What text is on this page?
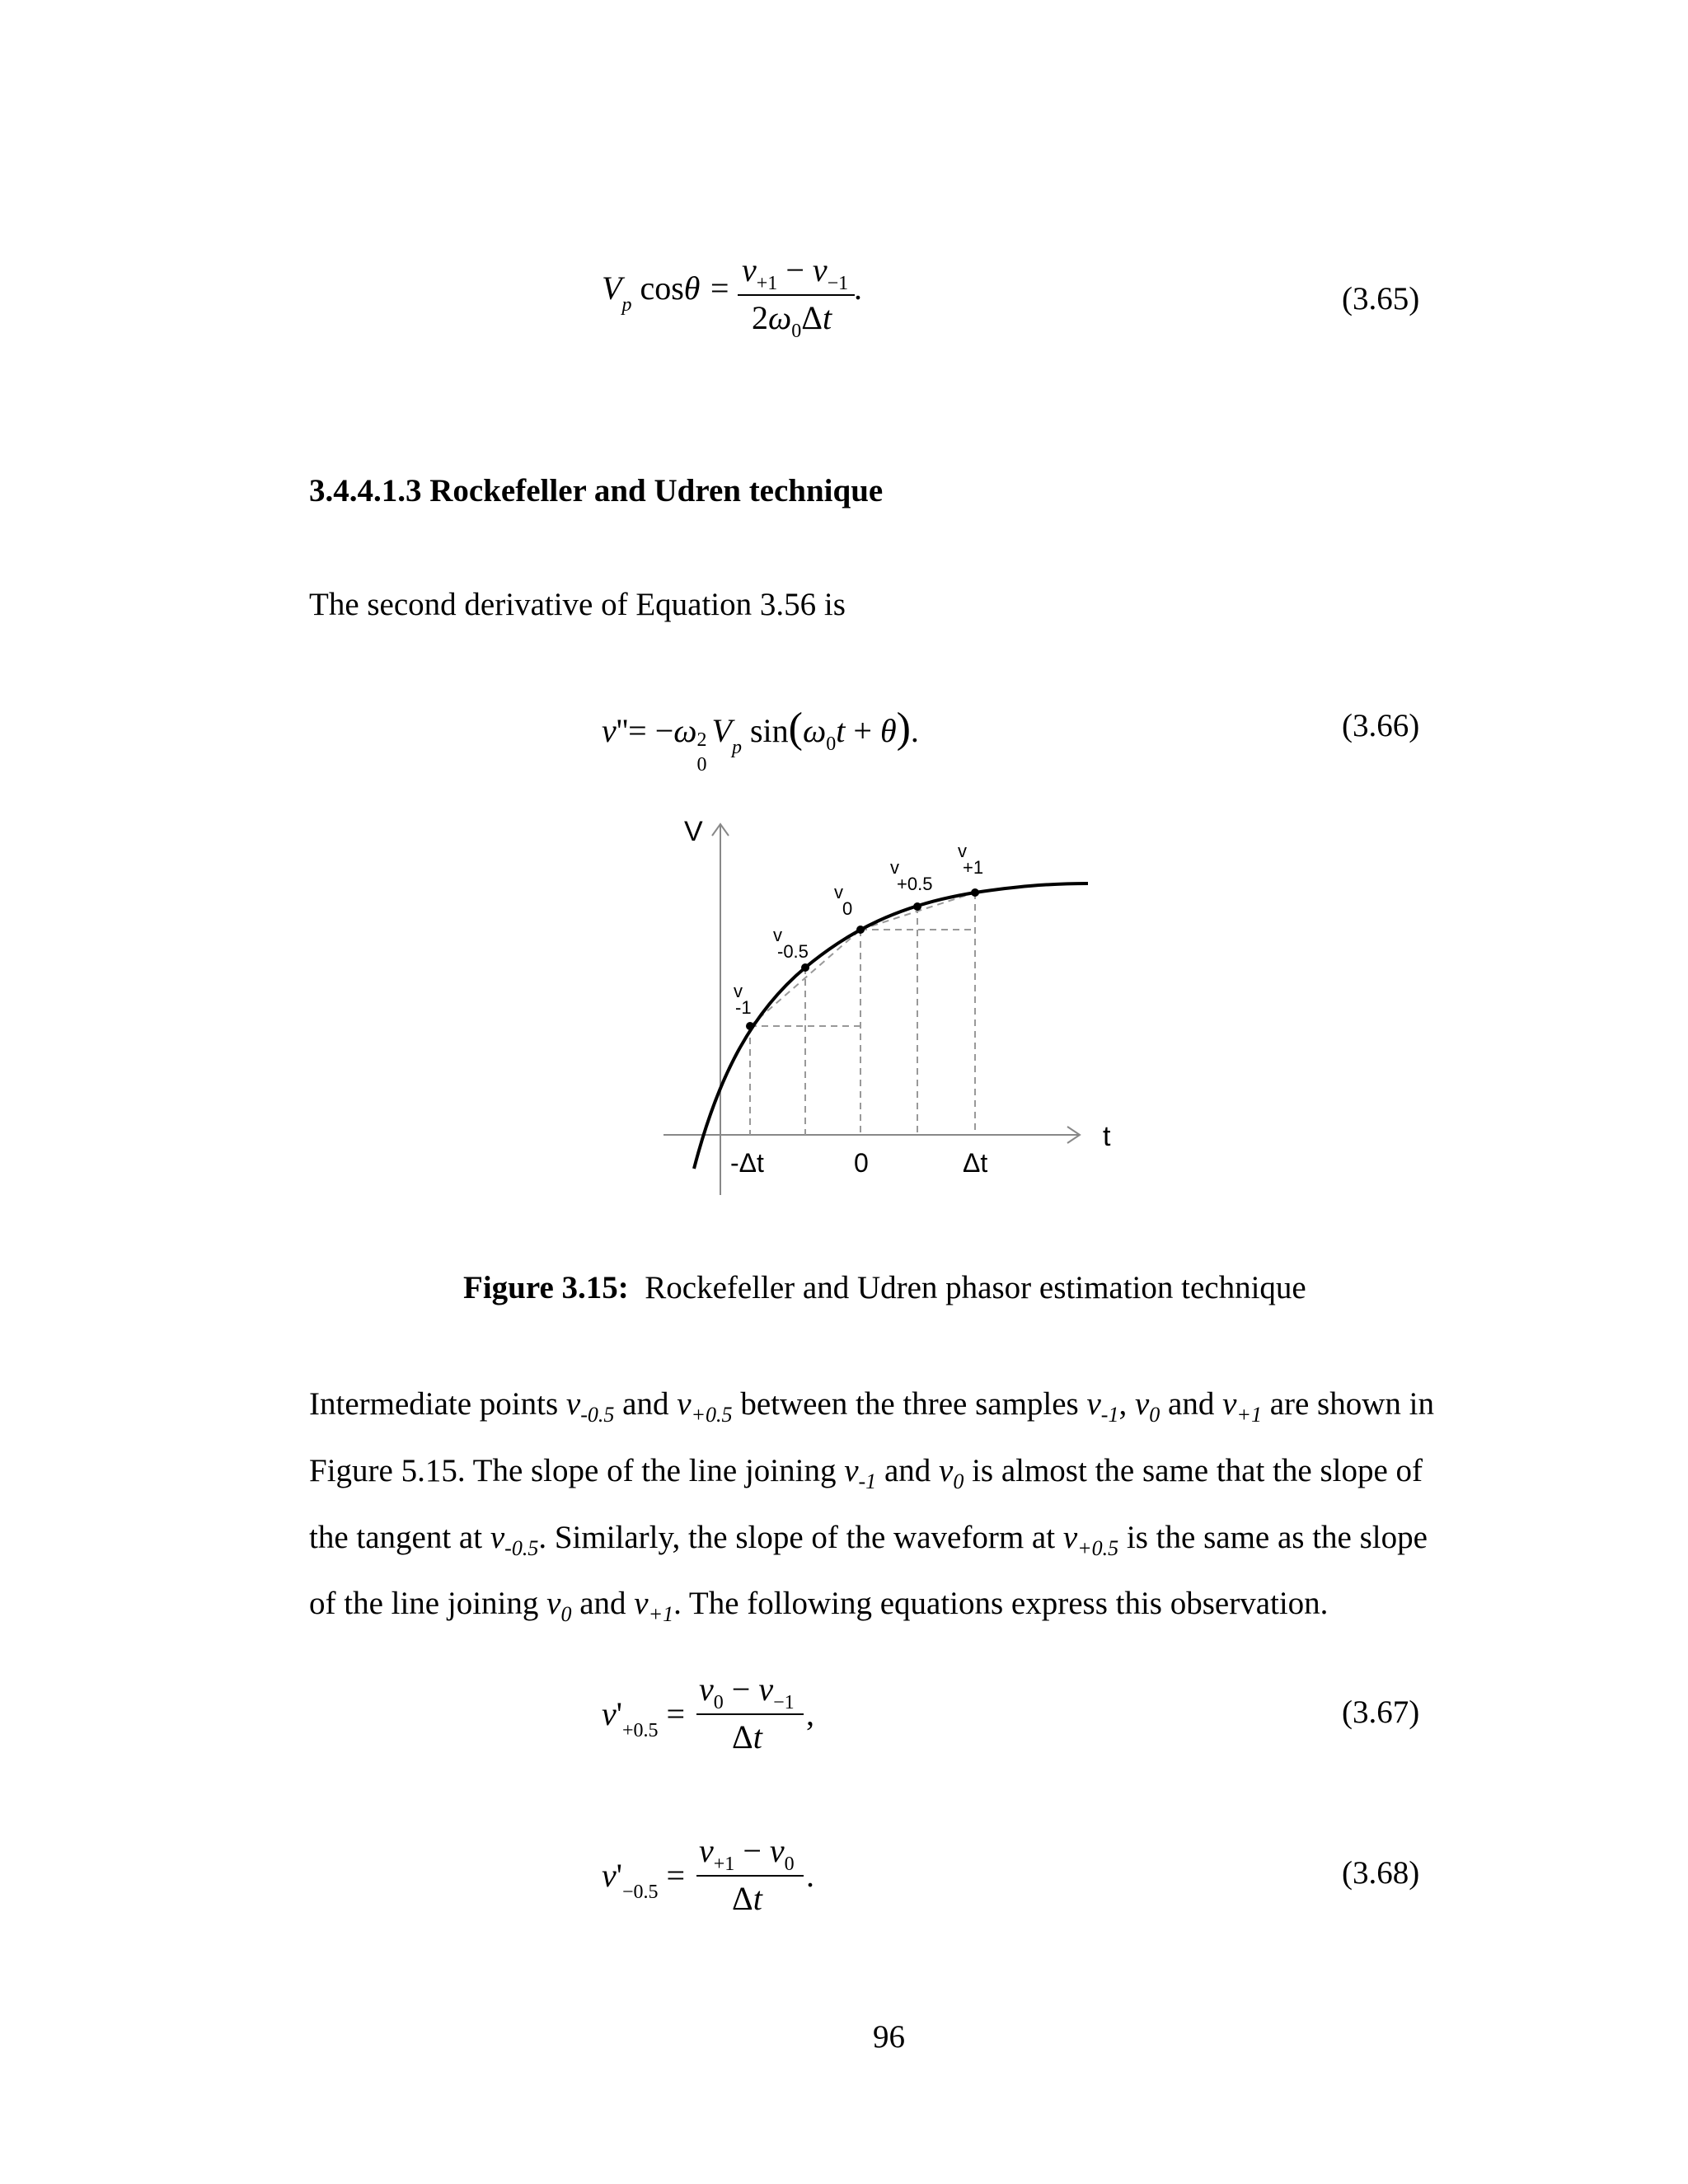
$V_p$ $\cos\theta = v_{+1} - v_{-1}$
$2\omega_0\Delta t$
.	(3.65)
3.4.4.1.3 Rockefeller and Udren technique
The second derivative of Equation 3.56 is
v''= −ω 2
0
$V_p$ $\sin(\omega_0t + \theta)$.	(3.66)
v
-1
v
-0.5
v
0
v
+0.5
v
+1
V
t
-Δt	0	Δt
Figure 3.15: Rockefeller and Udren phasor estimation technique
Intermediate points $v_{-0.5}$ and $v_{+0.5}$ between the three samples $v_{-1}$, $v_0$ and $v_{+1}$ are shown in
Figure 5.15. The slope of the line joining $v_{-1}$ and $v_0$ is almost the same that the slope of
the tangent at $v_{-0.5}$. Similarly, the slope of the waveform at $v_{+0.5}$ is the same as the slope
of the line joining $v_0$ and $v_{+1}$. The following equations express this observation.
$v'_{+0.5}$ =
$v_0 - v_{-1}$
Δt
,	(3.67)
$v'_{-0.5}$ =
$v_{+1} - v_0$
Δt
.	(3.68)
96
